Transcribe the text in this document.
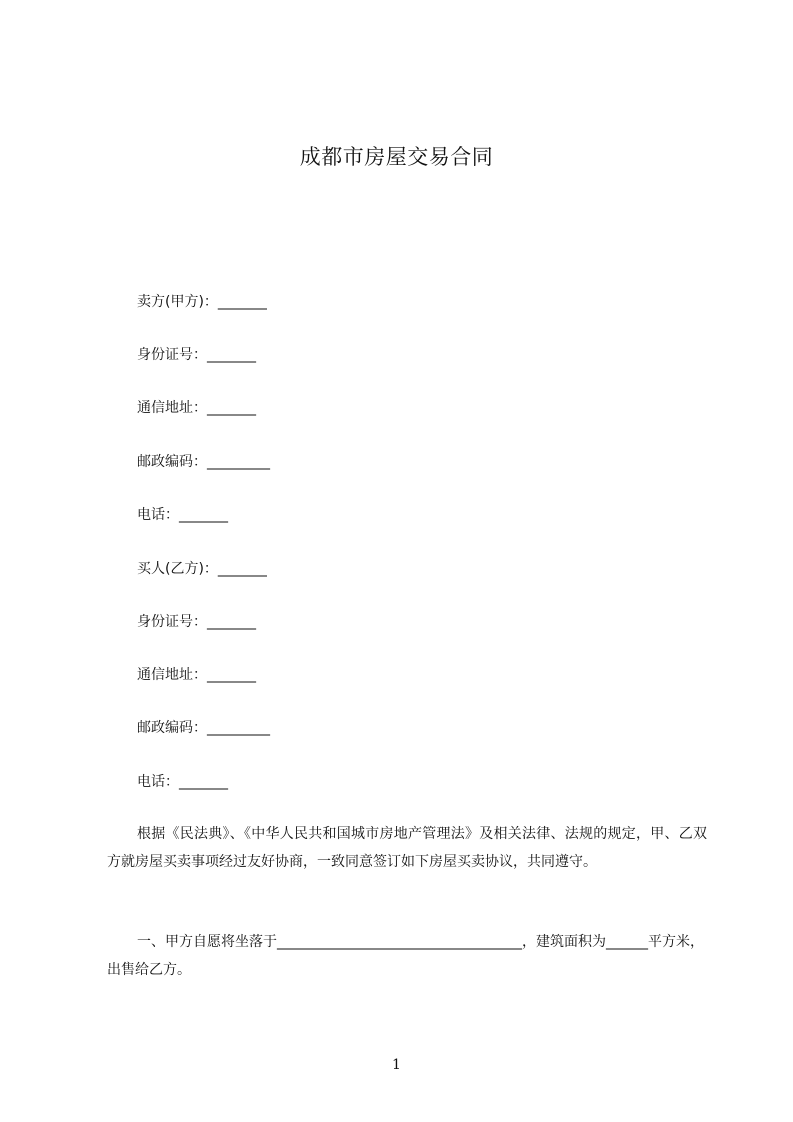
成都市房屋交易合同
卖方(甲方)：_______
身份证号：_______
通信地址：_______
邮政编码：_________
电话：_______
买人(乙方)：_______
身份证号：_______
通信地址：_______
邮政编码：_________
电话：_______
根据《民法典》、《中华人民共和国城市房地产管理法》及相关法律、法规的规定，甲、乙双方就房屋买卖事项经过友好协商，一致同意签订如下房屋买卖协议，共同遵守。
一、甲方自愿将坐落于___________________________________，建筑面积为______平方米，出售给乙方。
1
